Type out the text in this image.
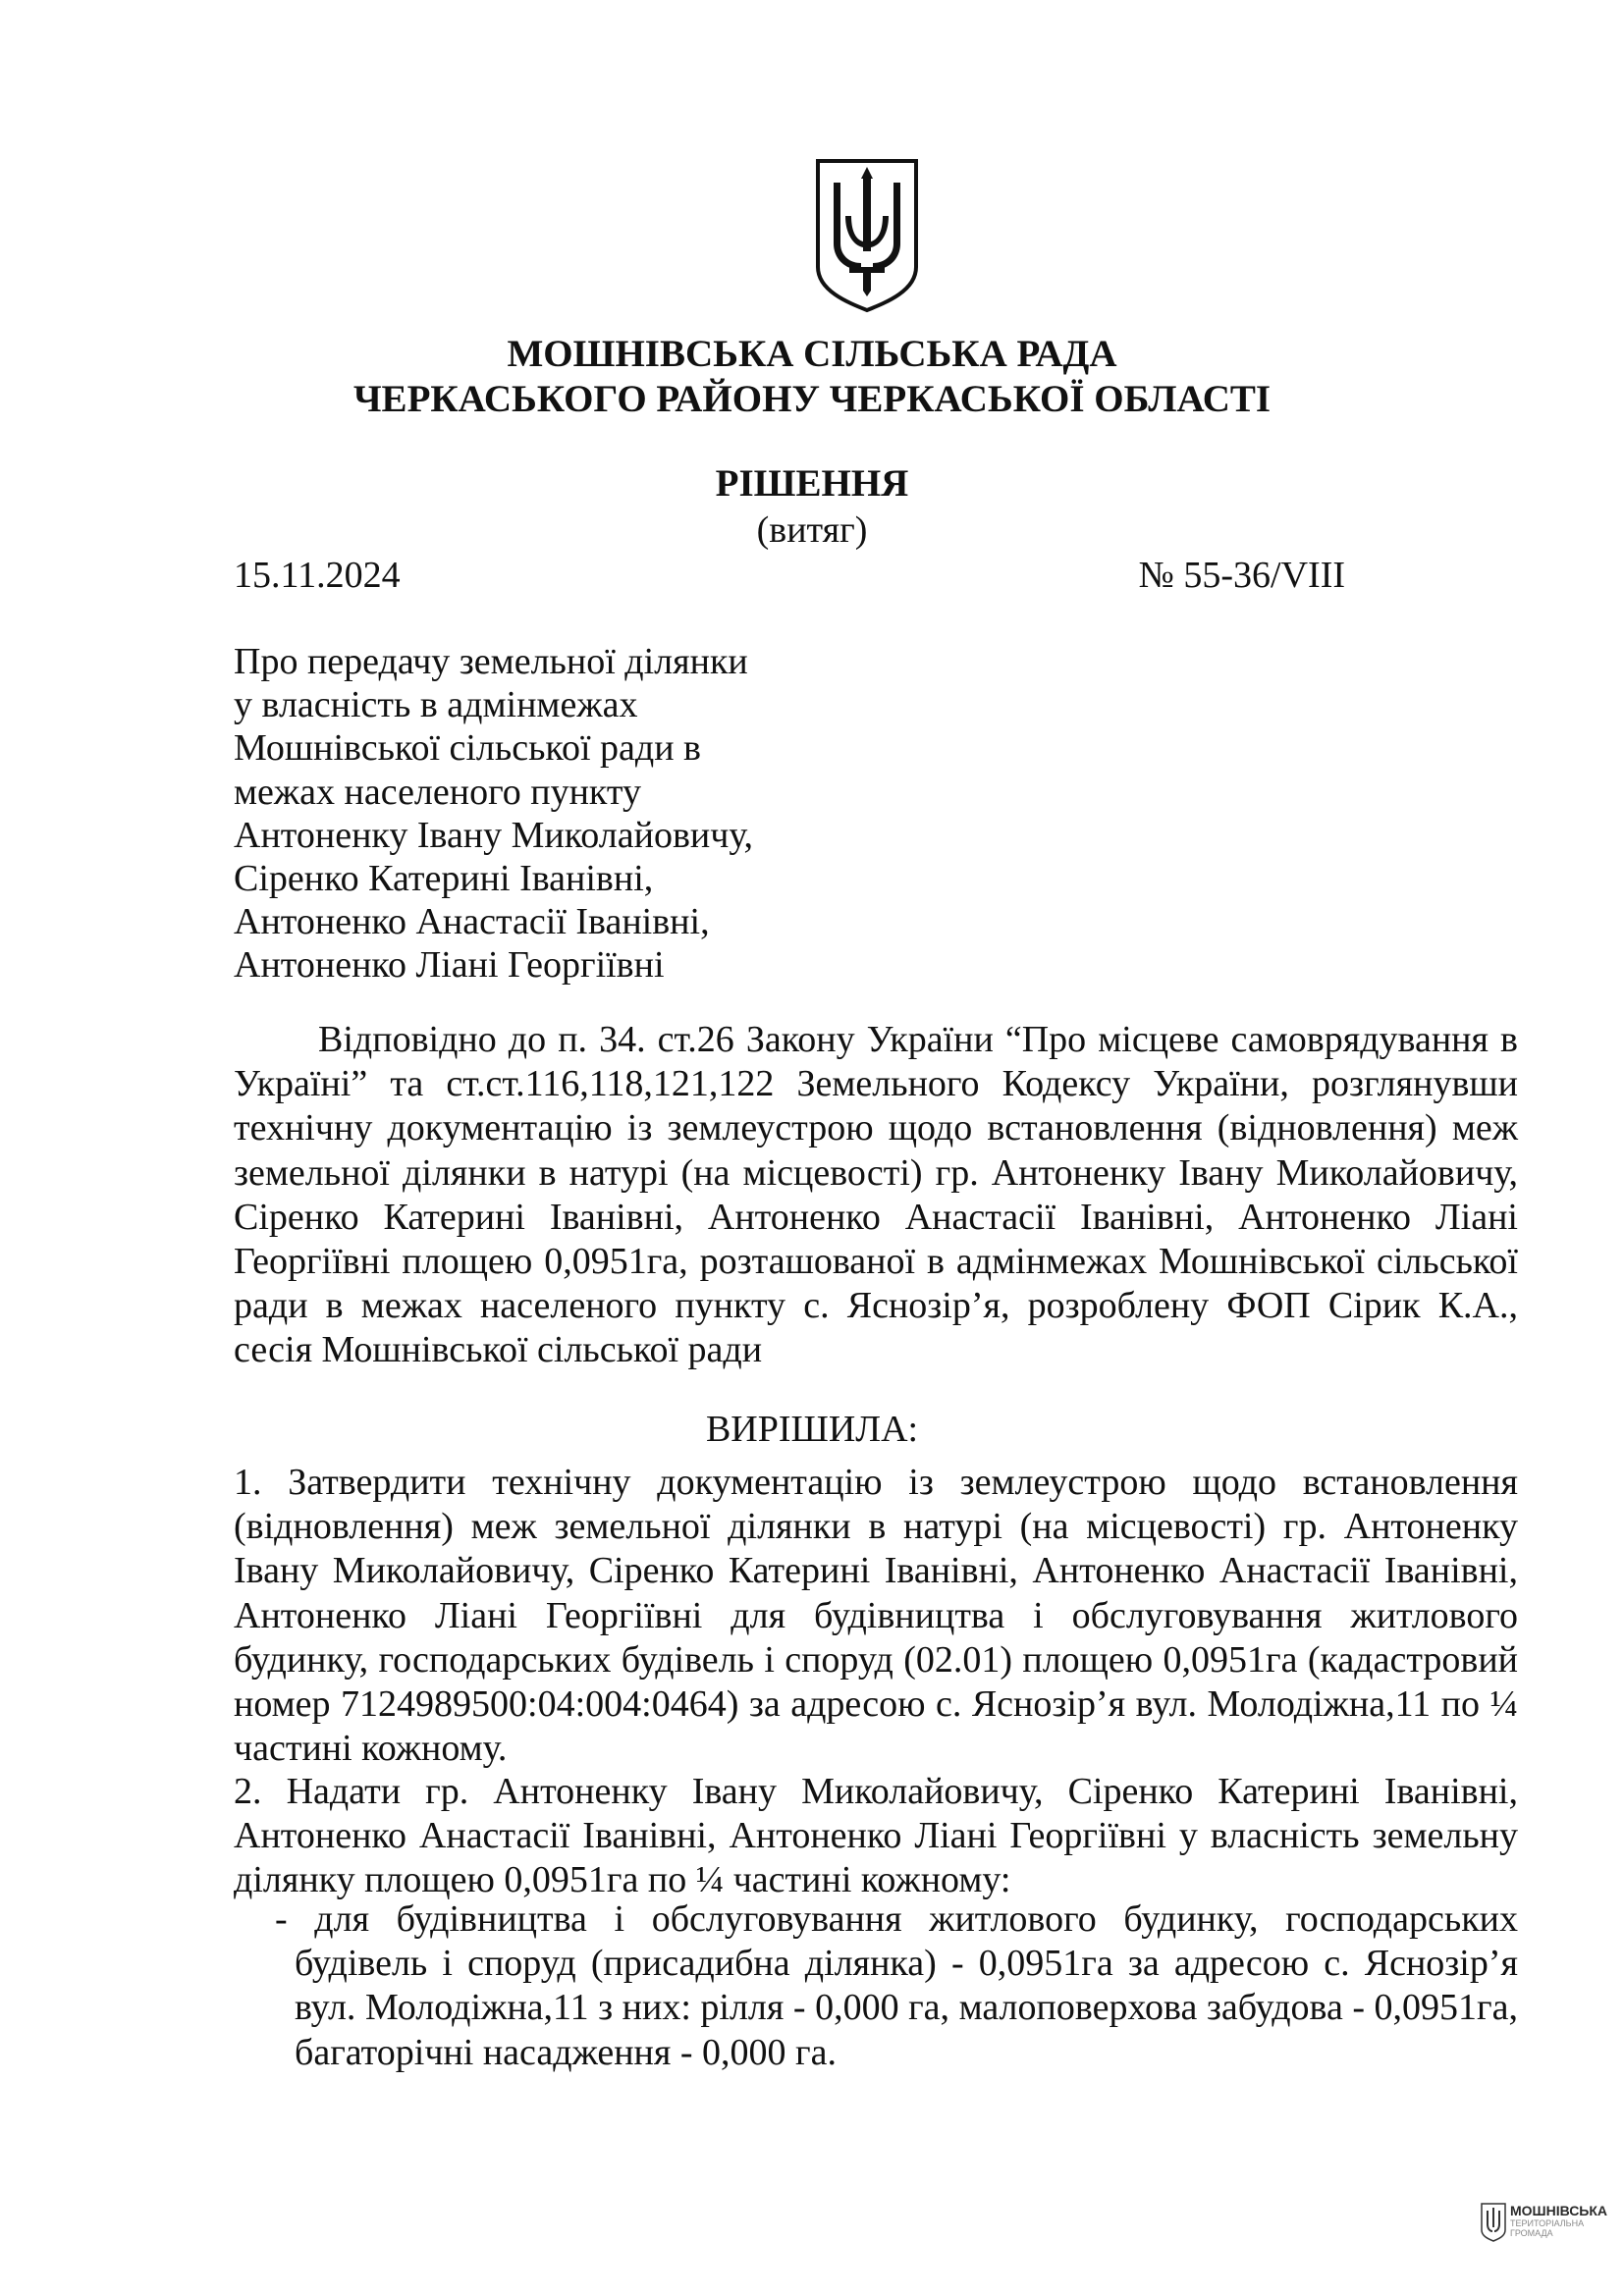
МОШНІВСЬКА СІЛЬСЬКА РАДА
ЧЕРКАСЬКОГО РАЙОНУ ЧЕРКАСЬКОЇ ОБЛАСТІ
РІШЕННЯ
(витяг)
15.11.2024	№ 55-36/VIII
Про передачу земельної ділянки
у власність в адмінмежах
Мошнівської сільської ради в
межах населеного пункту
Антоненку Івану Миколайовичу,
Сіренко Катерині Іванівні,
Антоненко Анастасії Іванівні,
Антоненко Ліані Георгіївні
Відповідно до п. 34. ст.26 Закону України “Про місцеве самоврядування в Україні” та ст.ст.116,118,121,122 Земельного Кодексу України, розглянувши технічну документацію із землеустрою щодо встановлення (відновлення) меж земельної ділянки в натурі (на місцевості) гр. Антоненку Івану Миколайовичу, Сіренко Катерині Іванівні, Антоненко Анастасії Іванівні, Антоненко Ліані Георгіївні площею 0,0951га, розташованої в адмінмежах Мошнівської сільської ради в межах населеного пункту с. Яснозір’я, розроблену ФОП Сірик К.А., сесія Мошнівської сільської ради
ВИРІШИЛА:
1. Затвердити технічну документацію із землеустрою щодо встановлення (відновлення) меж земельної ділянки в натурі (на місцевості) гр. Антоненку Івану Миколайовичу, Сіренко Катерині Іванівні, Антоненко Анастасії Іванівні, Антоненко Ліані Георгіївні для будівництва і обслуговування житлового будинку, господарських будівель і споруд (02.01) площею 0,0951га (кадастровий номер 7124989500:04:004:0464) за адресою с. Яснозір’я вул. Молодіжна,11 по ¼ частині кожному.
2. Надати гр. Антоненку Івану Миколайовичу, Сіренко Катерині Іванівні, Антоненко Анастасії Іванівні, Антоненко Ліані Георгіївні у власність земельну ділянку площею 0,0951га по ¼ частині кожному:
- для будівництва і обслуговування житлового будинку, господарських будівель і споруд (присадибна ділянка) - 0,0951га за адресою с. Яснозір’я вул. Молодіжна,11 з них: рілля - 0,000 га, малоповерхова забудова - 0,0951га, багаторічні насадження - 0,000 га.
МОШНІВСЬКА
ТЕРИТОРІАЛЬНА
ГРОМАДА
